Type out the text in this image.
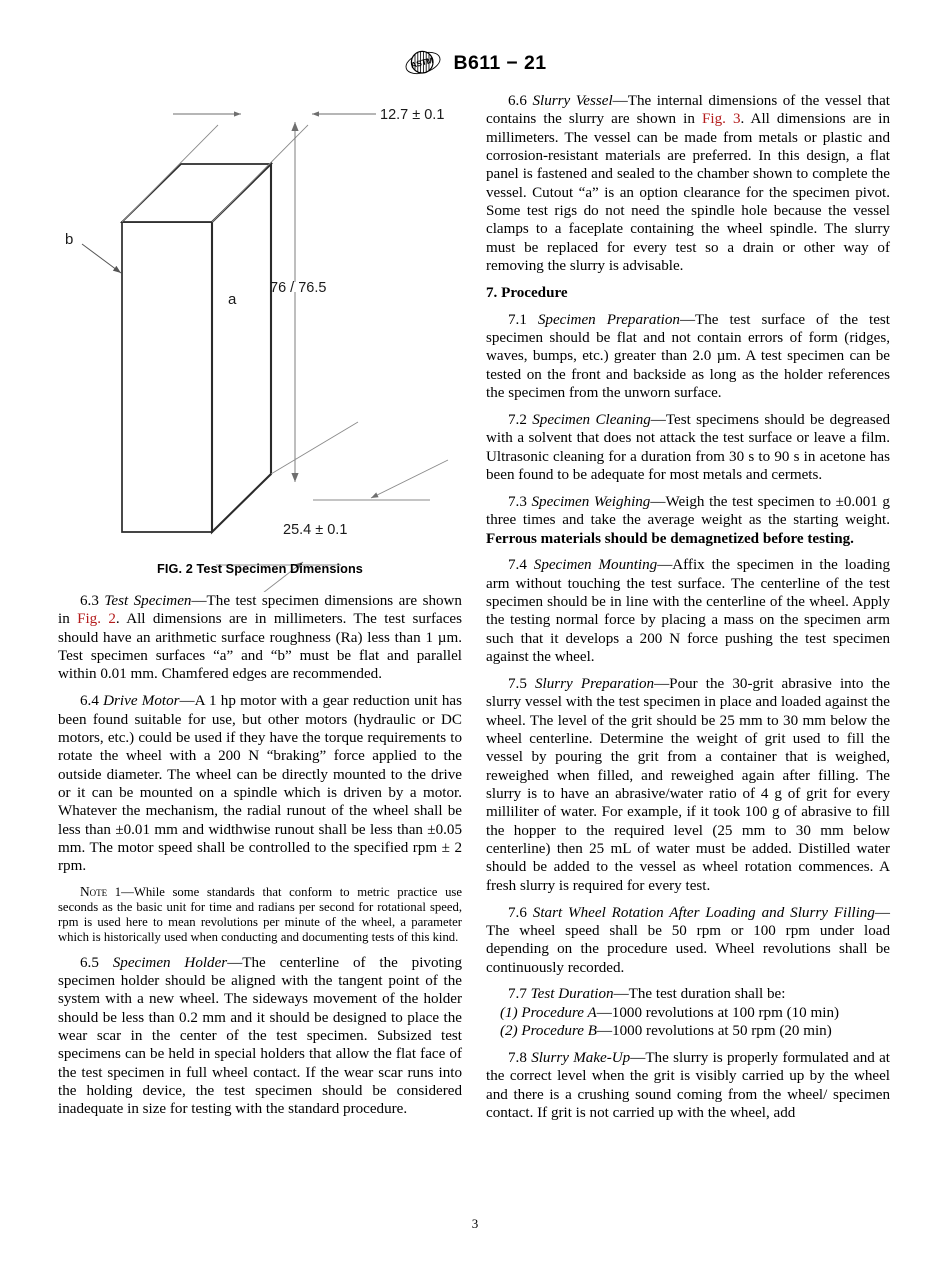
ASTM B611 − 21

6.3 Test Specimen—The test specimen dimensions are shown in Fig. 2. All dimensions are in millimeters. The test surfaces should have an arithmetic surface roughness (Ra) less than 1 µm. Test specimen surfaces “a” and “b” must be flat and parallel within 0.01 mm. Chamfered edges are recommended.

6.4 Drive Motor—A 1 hp motor with a gear reduction unit has been found suitable for use, but other motors (hydraulic or DC motors, etc.) could be used if they have the torque requirements to rotate the wheel with a 200 N “braking” force applied to the outside diameter. The wheel can be directly mounted to the drive or it can be mounted on a spindle which is driven by a motor. Whatever the mechanism, the radial runout of the wheel shall be less than ±0.01 mm and widthwise runout shall be less than ±0.05 mm. The motor speed shall be controlled to the specified rpm ± 2 rpm.

Note 1—While some standards that conform to metric practice use seconds as the basic unit for time and radians per second for rotational speed, rpm is used here to mean revolutions per minute of the wheel, a parameter which is historically used when conducting and documenting tests of this kind.

6.5 Specimen Holder—The centerline of the pivoting specimen holder should be aligned with the tangent point of the system with a new wheel. The sideways movement of the holder should be less than 0.2 mm and it should be designed to place the wear scar in the center of the test specimen. Subsized test specimens can be held in special holders that allow the flat face of the test specimen in full wheel contact. If the wear scar runs into the holding device, the test specimen should be considered inadequate in size for testing with the standard procedure.

a
b
12.7 ± 0.1
76 / 76.5
25.4 ± 0.1
FIG. 2 Test Specimen Dimensions

6.6 Slurry Vessel—The internal dimensions of the vessel that contains the slurry are shown in Fig. 3. All dimensions are in millimeters. The vessel can be made from metals or plastic and corrosion-resistant materials are preferred. In this design, a flat panel is fastened and sealed to the chamber shown to complete the vessel. Cutout “a” is an option clearance for the specimen pivot. Some test rigs do not need the spindle hole because the vessel clamps to a faceplate containing the wheel spindle. The slurry must be replaced for every test so a drain or other way of removing the slurry is advisable.

7. Procedure

7.1 Specimen Preparation—The test surface of the test specimen should be flat and not contain errors of form (ridges, waves, bumps, etc.) greater than 2.0 µm. A test specimen can be tested on the front and backside as long as the holder references the specimen from the unworn surface.

7.2 Specimen Cleaning—Test specimens should be degreased with a solvent that does not attack the test surface or leave a film. Ultrasonic cleaning for a duration from 30 s to 90 s in acetone has been found to be adequate for most metals and cermets.

7.3 Specimen Weighing—Weigh the test specimen to ±0.001 g three times and take the average weight as the starting weight. Ferrous materials should be demagnetized before testing.

7.4 Specimen Mounting—Affix the specimen in the loading arm without touching the test surface. The centerline of the test specimen should be in line with the centerline of the wheel. Apply the testing normal force by placing a mass on the specimen arm such that it develops a 200 N force pushing the test specimen against the wheel.

7.5 Slurry Preparation—Pour the 30-grit abrasive into the slurry vessel with the test specimen in place and loaded against the wheel. The level of the grit should be 25 mm to 30 mm below the wheel centerline. Determine the weight of grit used to fill the vessel by pouring the grit from a container that is weighed, reweighed when filled, and reweighed again after filling. The slurry is to have an abrasive/water ratio of 4 g of grit for every milliliter of water. For example, if it took 100 g of abrasive to fill the hopper to the required level (25 mm to 30 mm below centerline) then 25 mL of water must be added. Distilled water should be added to the vessel as wheel rotation commences. A fresh slurry is required for every test.

7.6 Start Wheel Rotation After Loading and Slurry Filling—The wheel speed shall be 50 rpm or 100 rpm under load depending on the procedure used. Wheel revolutions shall be continuously recorded.

7.7 Test Duration—The test duration shall be:

(1) Procedure A—1000 revolutions at 100 rpm (10 min)

(2) Procedure B—1000 revolutions at 50 rpm (20 min)

7.8 Slurry Make-Up—The slurry is properly formulated and at the correct level when the grit is visibly carried up by the wheel and there is a crushing sound coming from the wheel/ specimen contact. If grit is not carried up with the wheel, add

3
